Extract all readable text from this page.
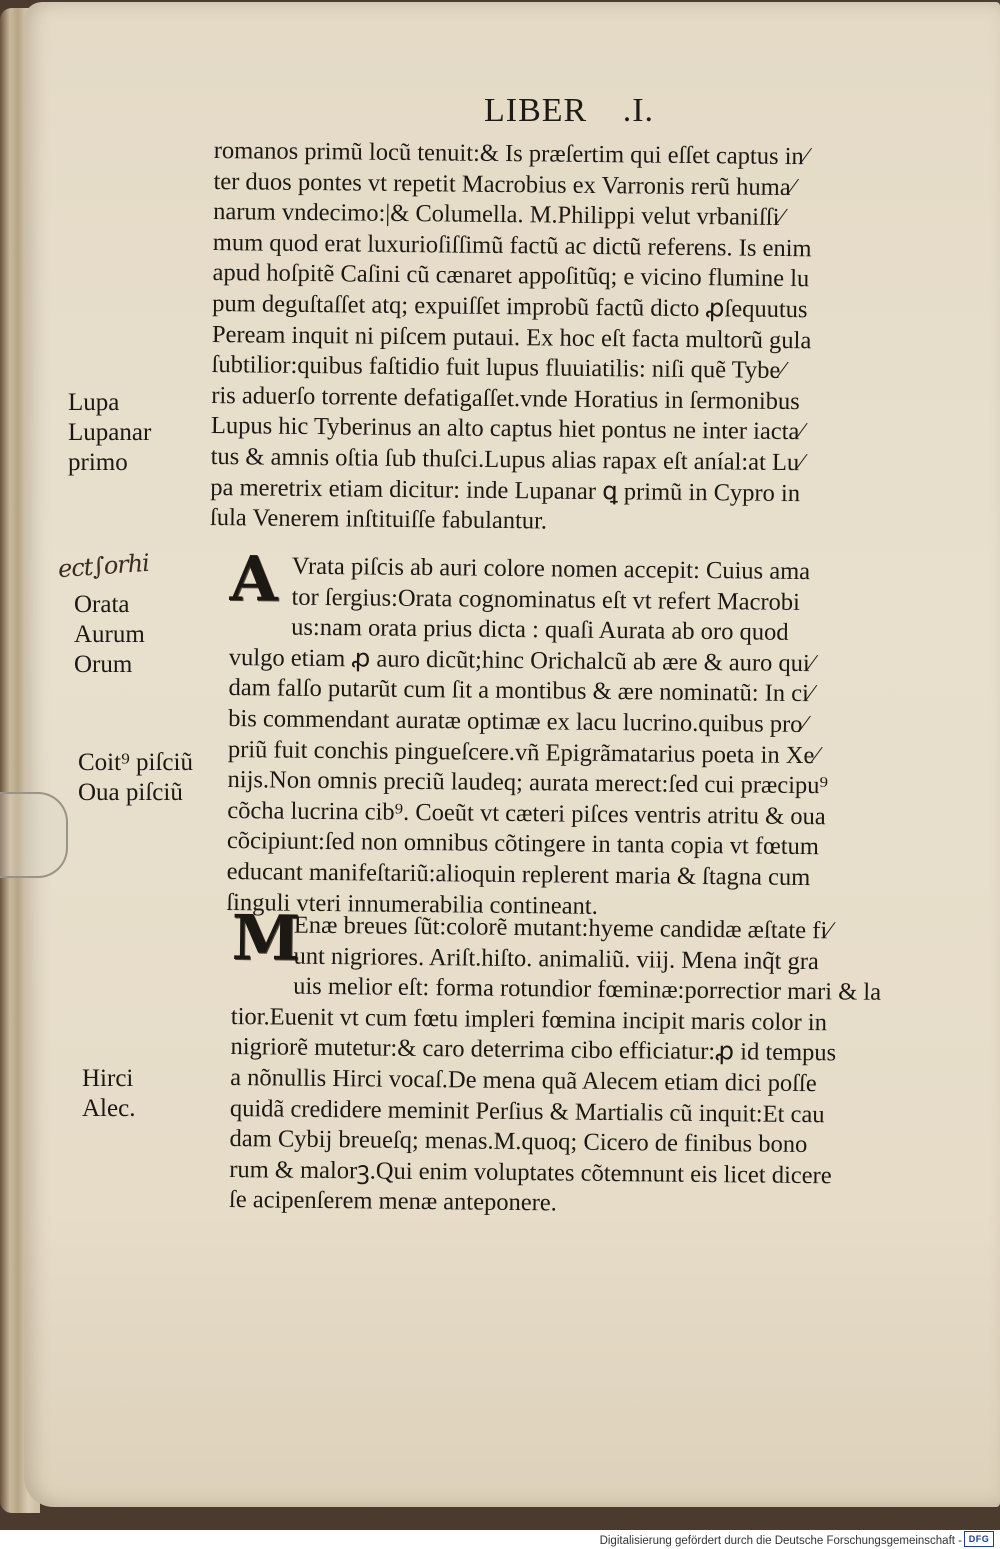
LIBER .I.
romanos primũ locũ tenuit:& Is præſertim qui eſſet captus in⁄
ter duos pontes vt repetit Macrobius ex Varronis rerũ huma⁄
narum vndecimo:|& Columella. M.Philippi velut vrbaniſſi⁄
mum quod erat luxurioſiſſimũ factũ ac dictũ referens. Is enim
apud hoſpitẽ Caſini cũ cænaret appoſitũq; e vicino flumine lu
pum deguſtaſſet atq; expuiſſet improbũ factũ dicto ꝓſequutus
Peream inquit ni piſcem putaui. Ex hoc eſt facta multorũ gula
ſubtilior:quibus faſtidio fuit lupus fluuiatilis: niſi quẽ Tybe⁄
ris aduerſo torrente defatigaſſet.vnde Horatius in ſermonibus
Lupus hic Tyberinus an alto captus hiet pontus ne inter iacta⁄
tus & amnis oſtia ſub thuſci.Lupus alias rapax eſt aníal:at Lu⁄
pa meretrix etiam dicitur: inde Lupanar ꝗ primũ in Cypro in
ſula Venerem inſtituiſſe fabulantur.
A Vrata piſcis ab auri colore nomen accepit: Cuius ama
tor ſergius:Orata cognominatus eſt vt refert Macrobi
us:nam orata prius dicta : quaſi Aurata ab oro quod
vulgo etiam ꝓ auro dicũt;hinc Orichalcũ ab ære & auro qui⁄
dam falſo putarũt cum ſit a montibus & ære nominatũ: In ci⁄
bis commendant auratæ optimæ ex lacu lucrino.quibus pro⁄
priũ fuit conchis pingueſcere.vñ Epigrãmatarius poeta in Xe⁄
nijs.Non omnis preciũ laudeq; aurata merect:ſed cui præcipu⁹
cõcha lucrina cib⁹. Coeũt vt cæteri piſces ventris atritu & oua
cõcipiunt:ſed non omnibus cõtingere in tanta copia vt fœtum
educant manifeſtariũ:alioquin replerent maria & ſtagna cum
ſinguli vteri innumerabilia contineant.
M
Enæ breues ſũt:colorẽ mutant:hyeme candidæ æſtate fi⁄
unt nigriores. Ariſt.hiſto. animaliũ. viij. Mena inq̃t gra
uis melior eſt: forma rotundior fœminæ:porrectior mari & la
tior.Euenit vt cum fœtu impleri fœmina incipit maris color in
nigriorẽ mutetur:& caro deterrima cibo efficiatur:ꝓ id tempus
a nõnullis Hirci vocaſ.De mena quã Alecem etiam dici poſſe
quidã credidere meminit Perſius & Martialis cũ inquit:Et cau
dam Cybij breueſq; menas.M.quoq; Cicero de finibus bono
rum & malorꝫ.Qui enim voluptates cõtemnunt eis licet dicere
ſe acipenſerem menæ anteponere.
Lupa
Lupanar
primo
ect∫orhi
Orata
Aurum
Orum
Coit⁹ piſciũ
Oua piſciũ
Hirci
Alec.
Digitalisierung gefördert durch die Deutsche Forschungsgemeinschaft - DFG
